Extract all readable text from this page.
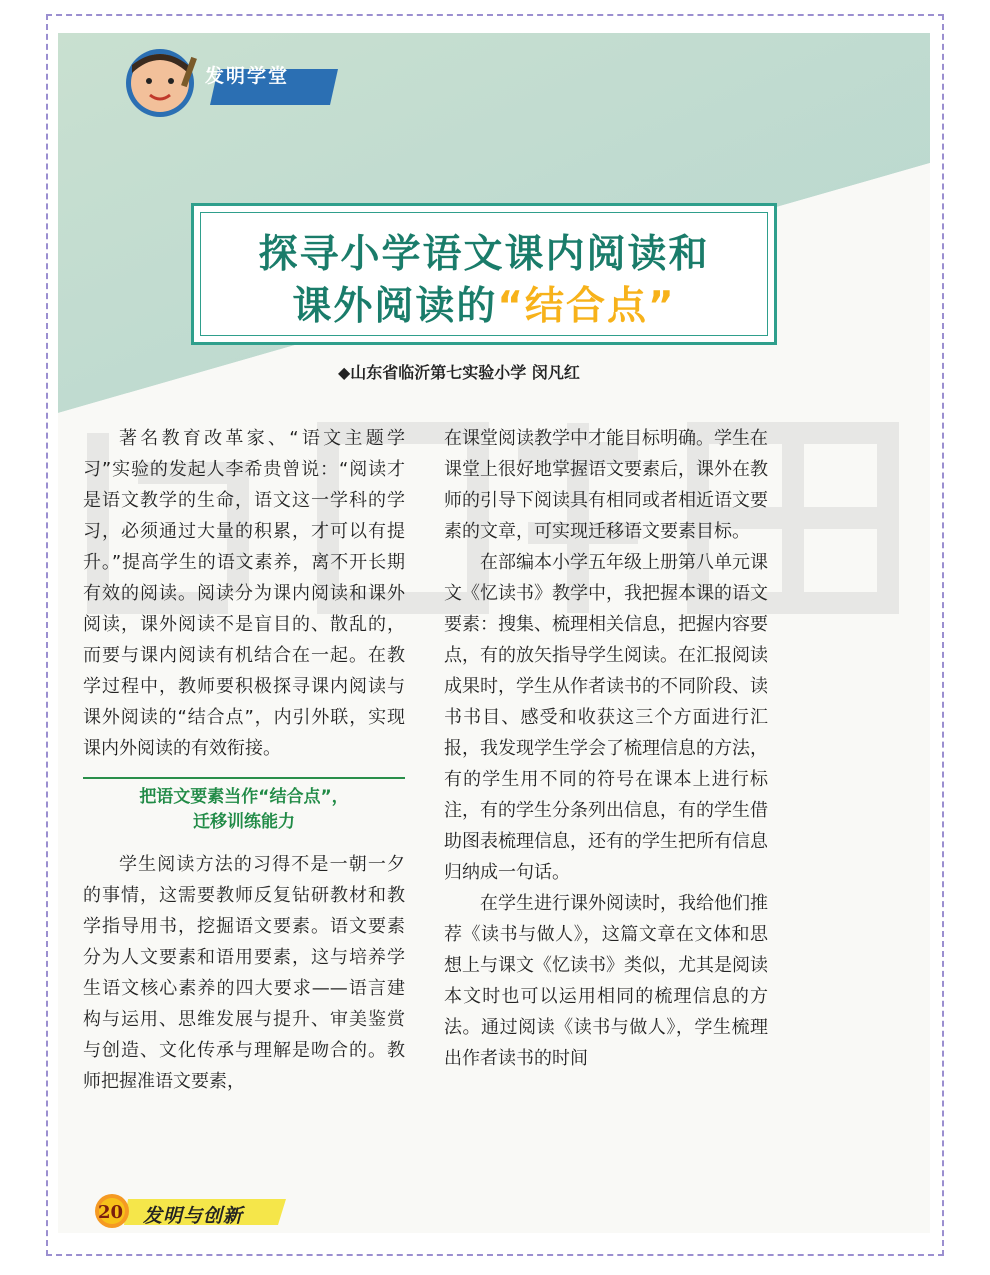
发明学堂
探寻小学语文课内阅读和
课外阅读的“结合点”
◆山东省临沂第七实验小学 闵凡红

著名教育改革家、“语文主题学习”实验的发起人李希贵曾说：“阅读才是语文教学的生命，语文这一学科的学习，必须通过大量的积累，才可以有提升。”提高学生的语文素养，离不开长期有效的阅读。阅读分为课内阅读和课外阅读，课外阅读不是盲目的、散乱的，而要与课内阅读有机结合在一起。在教学过程中，教师要积极探寻课内阅读与课外阅读的“结合点”，内引外联，实现课内外阅读的有效衔接。

把语文要素当作“结合点”，
迁移训练能力

学生阅读方法的习得不是一朝一夕的事情，这需要教师反复钻研教材和教学指导用书，挖掘语文要素。语文要素分为人文要素和语用要素，这与培养学生语文核心素养的四大要求——语言建构与运用、思维发展与提升、审美鉴赏与创造、文化传承与理解是吻合的。教师把握准语文要素，

在课堂阅读教学中才能目标明确。学生在课堂上很好地掌握语文要素后，课外在教师的引导下阅读具有相同或者相近语文要素的文章，可实现迁移语文要素目标。

在部编本小学五年级上册第八单元课文《忆读书》教学中，我把握本课的语文要素：搜集、梳理相关信息，把握内容要点，有的放矢指导学生阅读。在汇报阅读成果时，学生从作者读书的不同阶段、读书书目、感受和收获这三个方面进行汇报，我发现学生学会了梳理信息的方法，有的学生用不同的符号在课本上进行标注，有的学生分条列出信息，有的学生借助图表梳理信息，还有的学生把所有信息归纳成一句话。

在学生进行课外阅读时，我给他们推荐《读书与做人》，这篇文章在文体和思想上与课文《忆读书》类似，尤其是阅读本文时也可以运用相同的梳理信息的方法。通过阅读《读书与做人》，学生梳理出作者读书的时间

20 发明与创新
